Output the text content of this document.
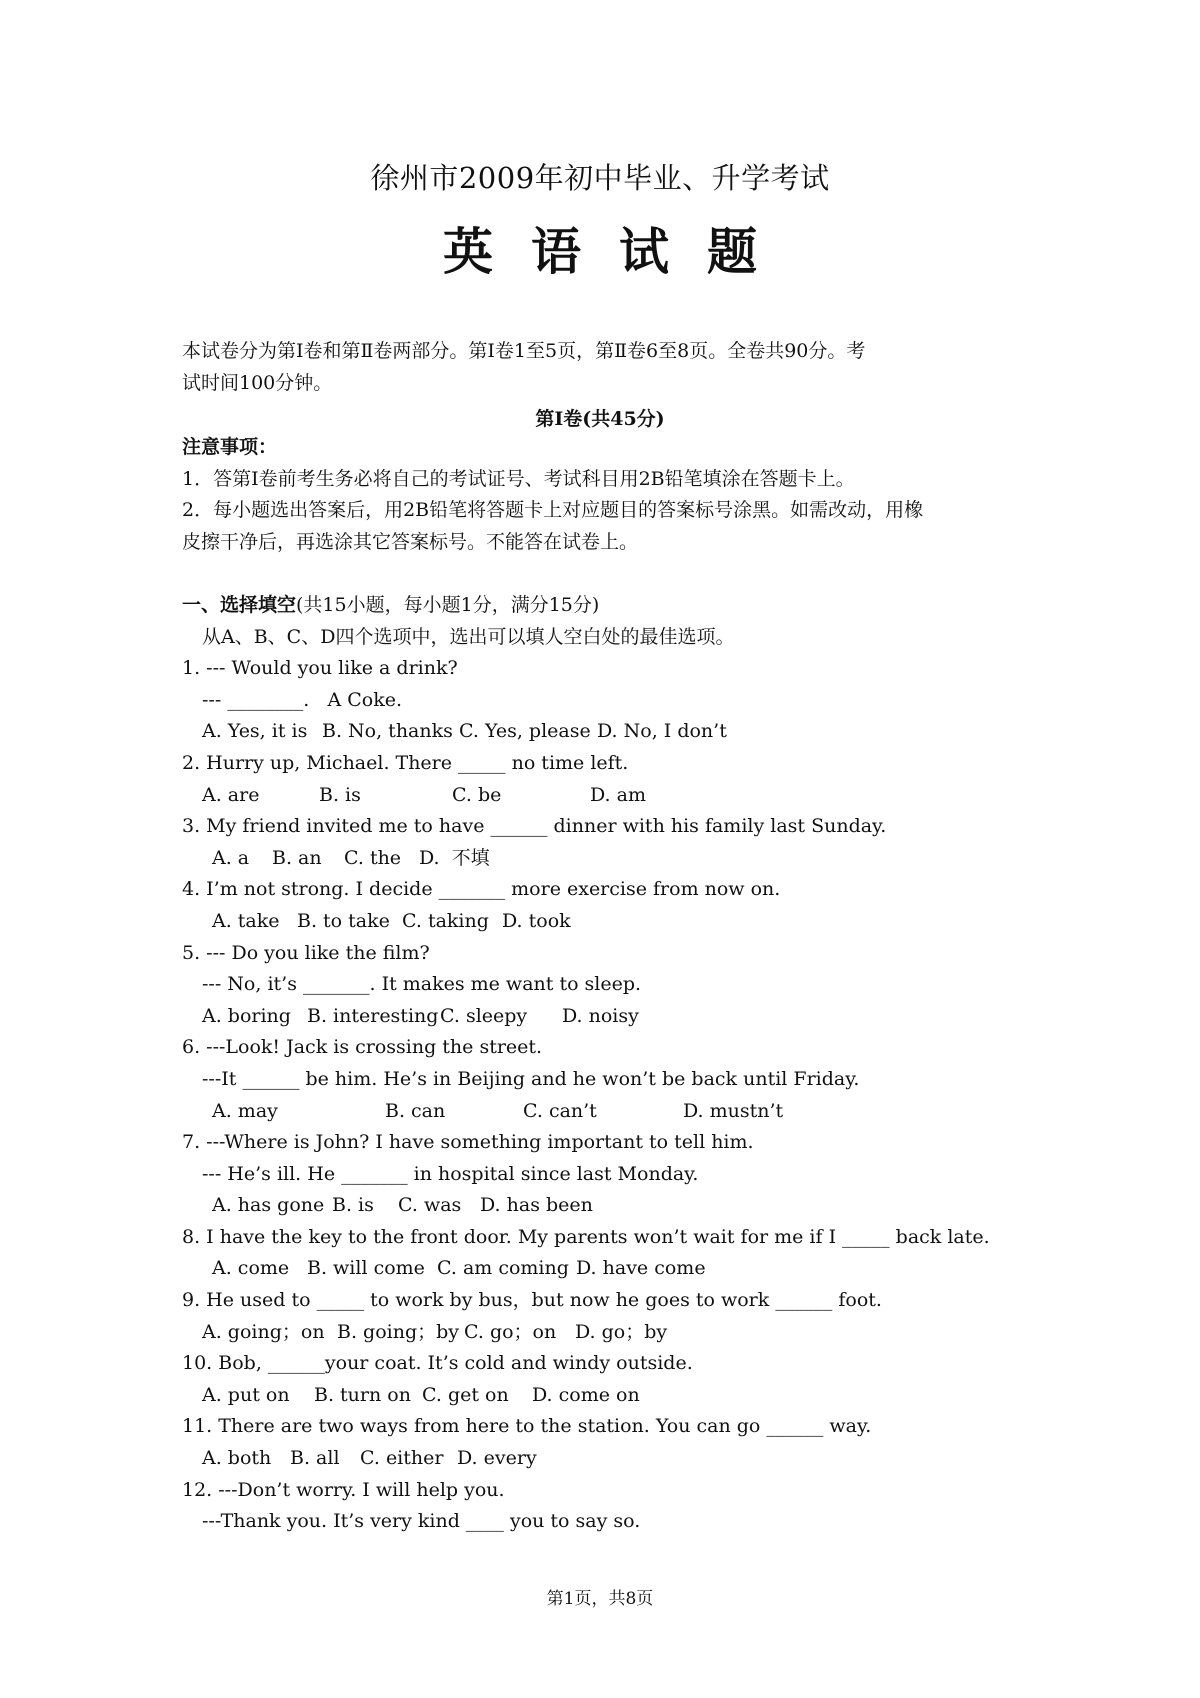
徐州市2009年初中毕业、升学考试
英语试题

本试卷分为第Ⅰ卷和第Ⅱ卷两部分。第Ⅰ卷1至5页，第Ⅱ卷6至8页。全卷共90分。考

试时间100分钟。

第Ⅰ卷(共45分)

注意事项：

1．答第Ⅰ卷前考生务必将自己的考试证号、考试科目用2B铅笔填涂在答题卡上。

2．每小题选出答案后，用2B铅笔将答题卡上对应题目的答案标号涂黑。如需改动，用橡

皮擦干净后，再选涂其它答案标号。不能答在试卷上。

一、选择填空(共15小题，每小题1分，满分15分)
从A、B、C、D四个选项中，选出可以填人空白处的最佳选项。
1. --- Would you like a drink?
--- ________.   A Coke.
A. Yes, it is B. No, thanks C. Yes, please D. No, I don’t
2. Hurry up, Michael. There _____ no time left.
A. are	B. is	C. be	D. am
3. My friend invited me to have ______ dinner with his family last Sunday.
A. a B. an C. the D.  不填
4. I’m not strong. I decide _______ more exercise from now on.
A. take B. to take C. taking D. took
5. --- Do you like the film?
--- No, it’s _______. It makes me want to sleep.
A. boring B. interesting C. sleepy D. noisy
6. ---Look! Jack is crossing the street.
---It ______ be him. He’s in Beijing and he won’t be back until Friday.
A. may	B. can	C. can’t	D. mustn’t
7. ---Where is John? I have something important to tell him.
--- He’s ill. He _______ in hospital since last Monday.
A. has gone B. is C. was D. has been
8. I have the key to the front door. My parents won’t wait for me if I _____ back late.
A. come B. will come C. am coming D. have come
9. He used to _____ to work by bus，but now he goes to work ______ foot.
A. going；on B. going；by C. go；on D. go；by
10. Bob, ______your coat. It’s cold and windy outside.
A. put on B. turn on C. get on D. come on
11. There are two ways from here to the station. You can go ______ way.
A. both B. all C. either D. every
12. ---Don’t worry. I will help you.
---Thank you. It’s very kind ____ you to say so.
第1页，共8页
